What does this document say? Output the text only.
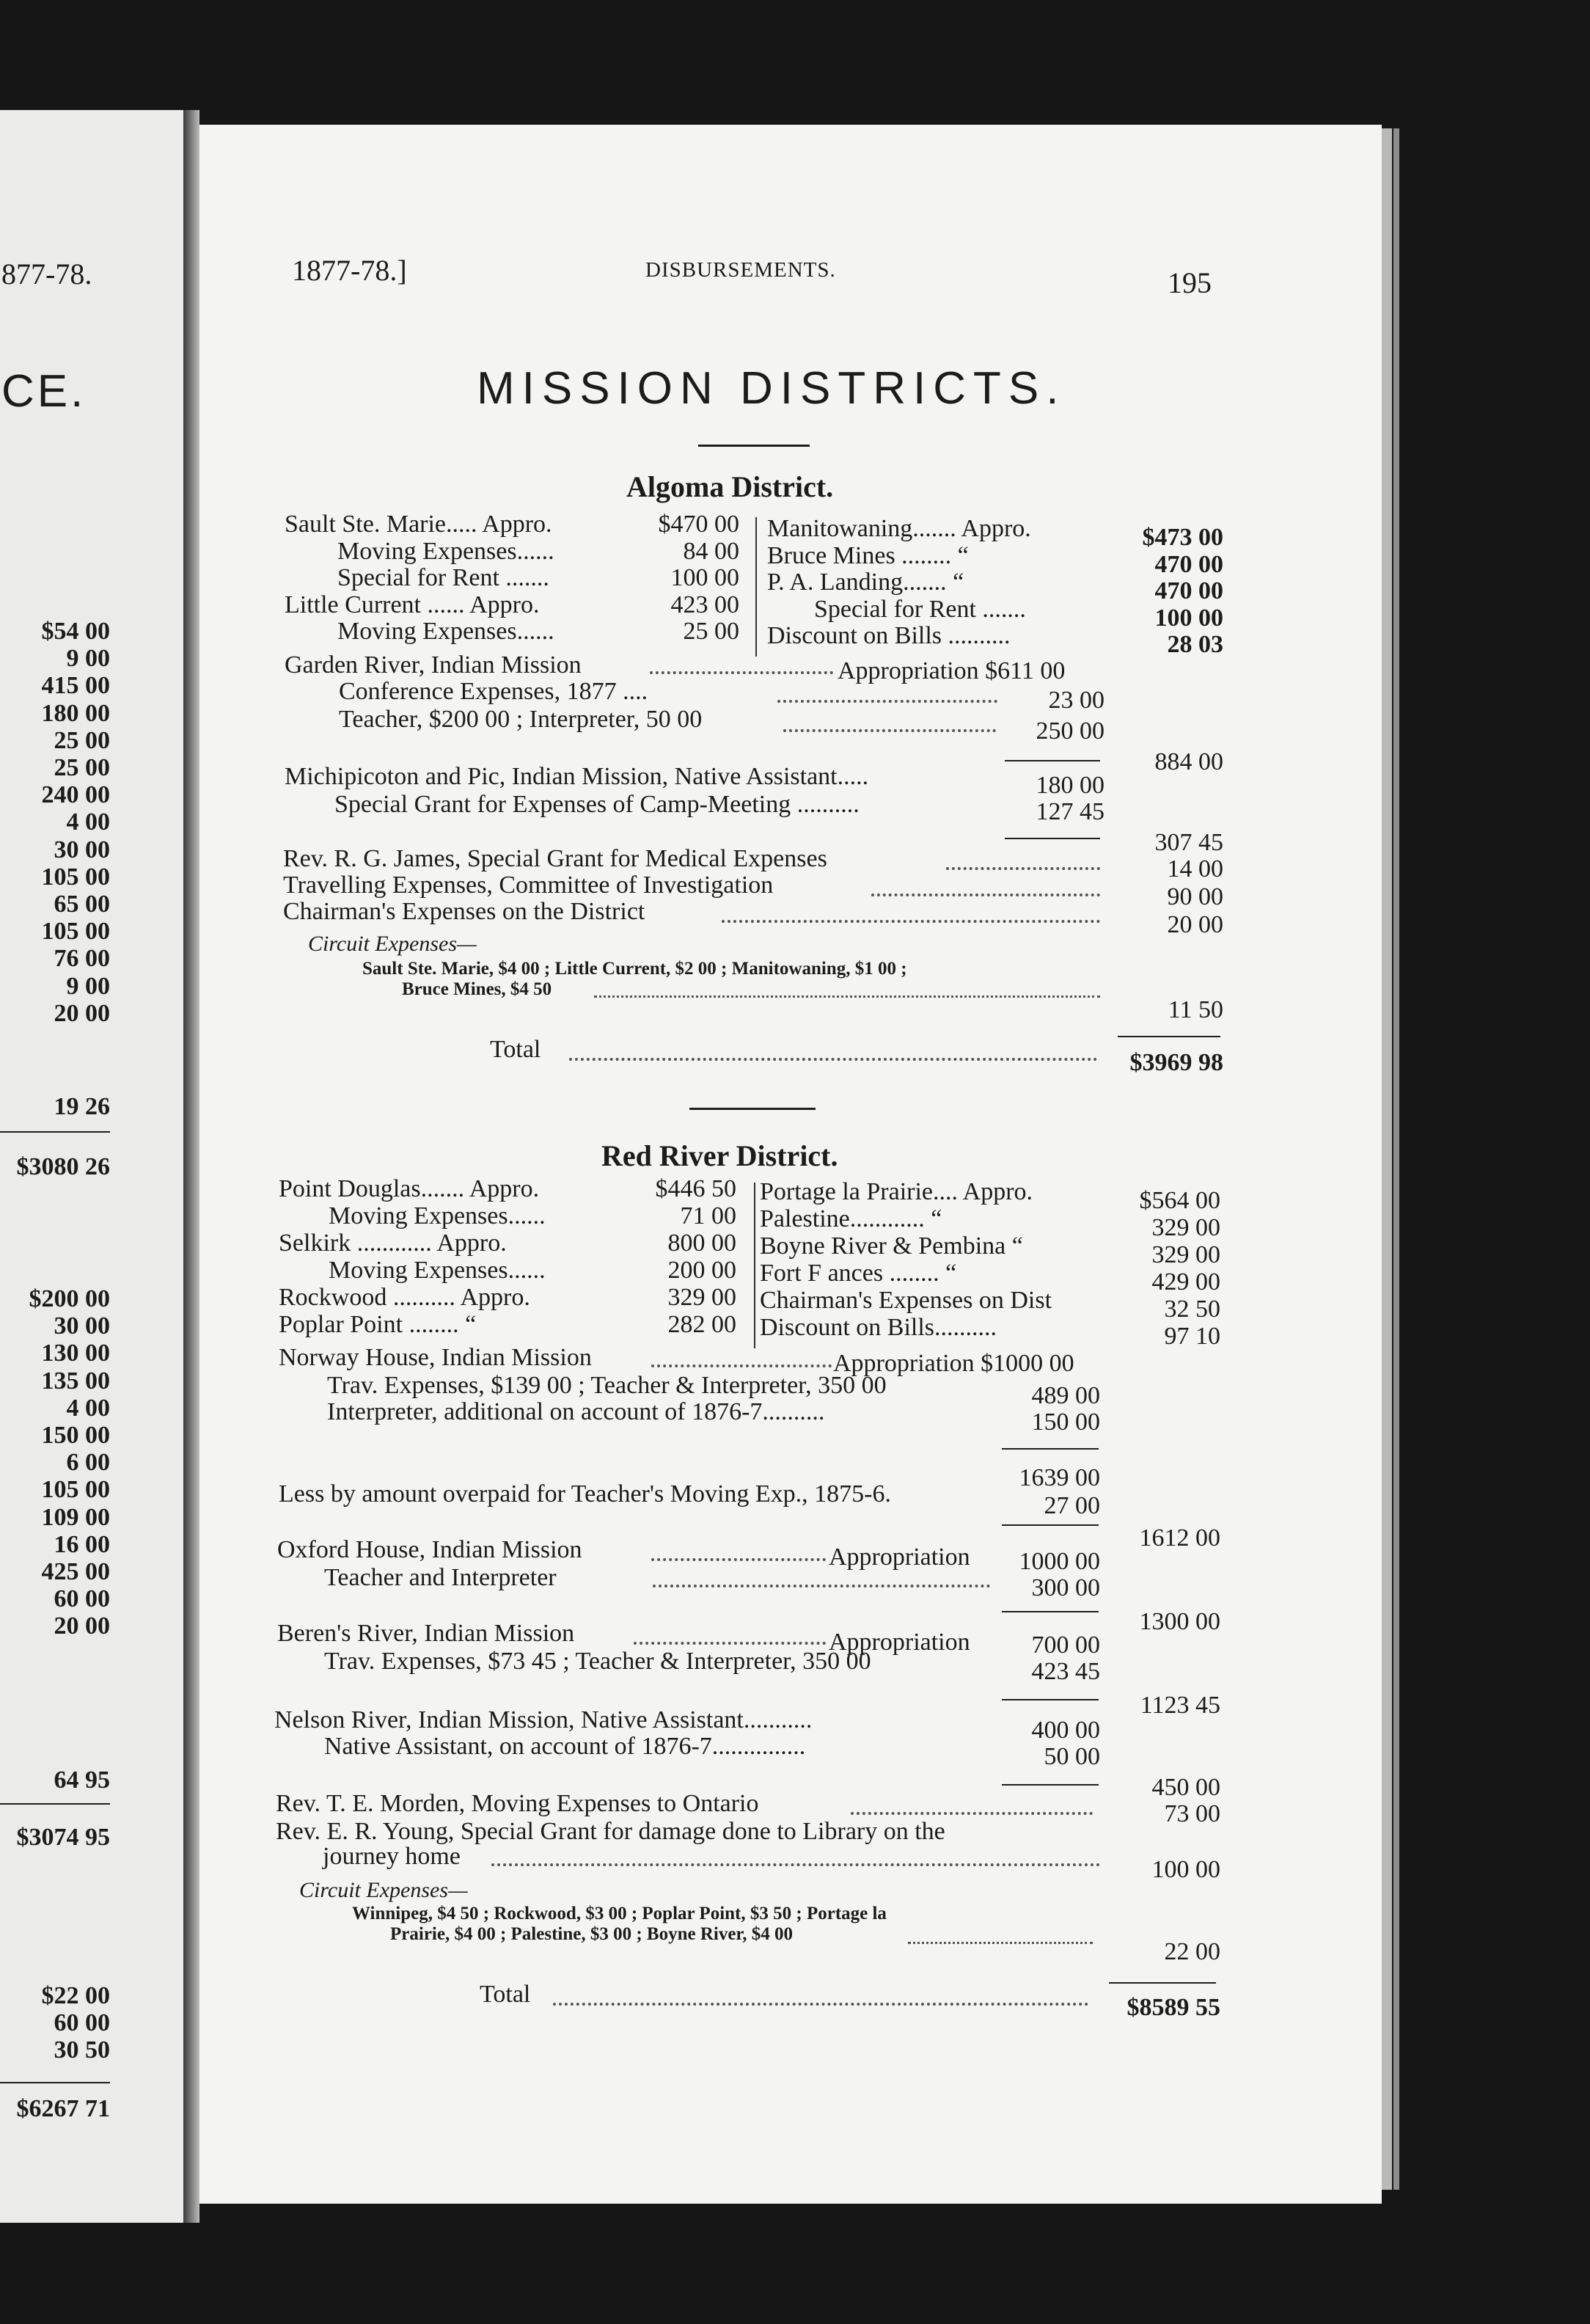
877-78.
CE.
$54 00
9 00
415 00
180 00
25 00
25 00
240 00
4 00
30 00
105 00
65 00
105 00
76 00
9 00
20 00
19 26
$3080 26
$200 00
30 00
130 00
135 00
4 00
150 00
6 00
105 00
109 00
16 00
425 00
60 00
20 00
64 95
$3074 95
$22 00
60 00
30 50
$6267 71
1877-78.]	DISBURSEMENTS.	195
MISSION DISTRICTS.
Algoma District.
Sault Ste. Marie..... Appro.	$470 00
Moving Expenses......	84 00
Special for Rent .......	100 00
Little Current ...... Appro.	423 00
Moving Expenses......	25 00
Manitowaning....... Appro.	$473 00
Bruce Mines ........ “	470 00
P. A. Landing....... “	470 00
Special for Rent .......	100 00
Discount on Bills ..........	28 03
Garden River, Indian Mission	Appropriation $611 00
Conference Expenses, 1877 ....	23 00
Teacher, $200 00 ; Interpreter, 50 00	250 00
884 00
Michipicoton and Pic, Indian Mission, Native Assistant.....	180 00
Special Grant for Expenses of Camp-Meeting ..........	127 45
307 45
Rev. R. G. James, Special Grant for Medical Expenses	14 00
Travelling Expenses, Committee of Investigation	90 00
Chairman's Expenses on the District	20 00
Circuit Expenses—
Sault Ste. Marie, $4 00 ; Little Current, $2 00 ; Manitowaning, $1 00 ;
Bruce Mines, $4 50
11 50
Total	$3969 98
Red River District.
Point Douglas....... Appro.	$446 50
Moving Expenses......	71 00
Selkirk ............ Appro.	800 00
Moving Expenses......	200 00
Rockwood .......... Appro.	329 00
Poplar Point ........ “	282 00
Portage la Prairie.... Appro.	$564 00
Palestine............ “	329 00
Boyne River & Pembina “	329 00
Fort F ances ........ “	429 00
Chairman's Expenses on Dist	32 50
Discount on Bills..........	97 10
Norway House, Indian Mission	Appropriation $1000 00
Trav. Expenses, $139 00 ; Teacher & Interpreter, 350 00	489 00
Interpreter, additional on account of 1876-7..........	150 00
1639 00
Less by amount overpaid for Teacher's Moving Exp., 1875-6.	27 00
1612 00
Oxford House, Indian Mission	Appropriation	1000 00
Teacher and Interpreter	300 00
1300 00
Beren's River, Indian Mission	Appropriation	700 00
Trav. Expenses, $73 45 ; Teacher & Interpreter, 350 00	423 45
1123 45
Nelson River, Indian Mission, Native Assistant...........	400 00
Native Assistant, on account of 1876-7...............	50 00
450 00
Rev. T. E. Morden, Moving Expenses to Ontario	73 00
Rev. E. R. Young, Special Grant for damage done to Library on the
journey home	100 00
Circuit Expenses—
Winnipeg, $4 50 ; Rockwood, $3 00 ; Poplar Point, $3 50 ; Portage la
Prairie, $4 00 ; Palestine, $3 00 ; Boyne River, $4 00
22 00
Total	$8589 55
